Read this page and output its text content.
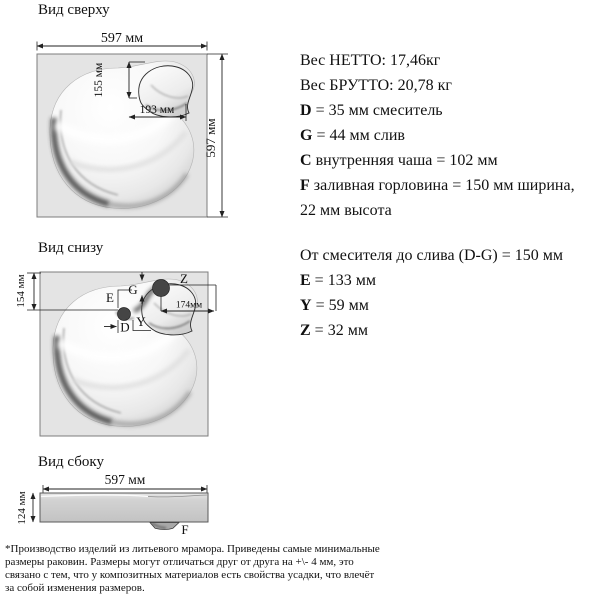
Вид сверху
Вид снизу
Вид сбоку
597 мм
597 мм
155 мм
193 мм
154 мм	Z
174мм
G
E
D Y
597 мм
124 мм
F
Вес НЕТТО: 17,46кг
Вес БРУТТО: 20,78 кг
D = 35 мм смеситель
G = 44 мм слив
C внутренняя чаша = 102 мм
F заливная горловина = 150 мм ширина,
22 мм высота
От смесителя до слива (D-G) = 150 мм
E = 133 мм
Y = 59 мм
Z = 32 мм
*Производство изделий из литьевого мрамора. Приведены самые минимальные
размеры раковин. Размеры могут отличаться друг от друга на +\- 4 мм, это
связано с тем, что у композитных материалов есть свойства усадки, что влечёт
за собой изменения размеров.
